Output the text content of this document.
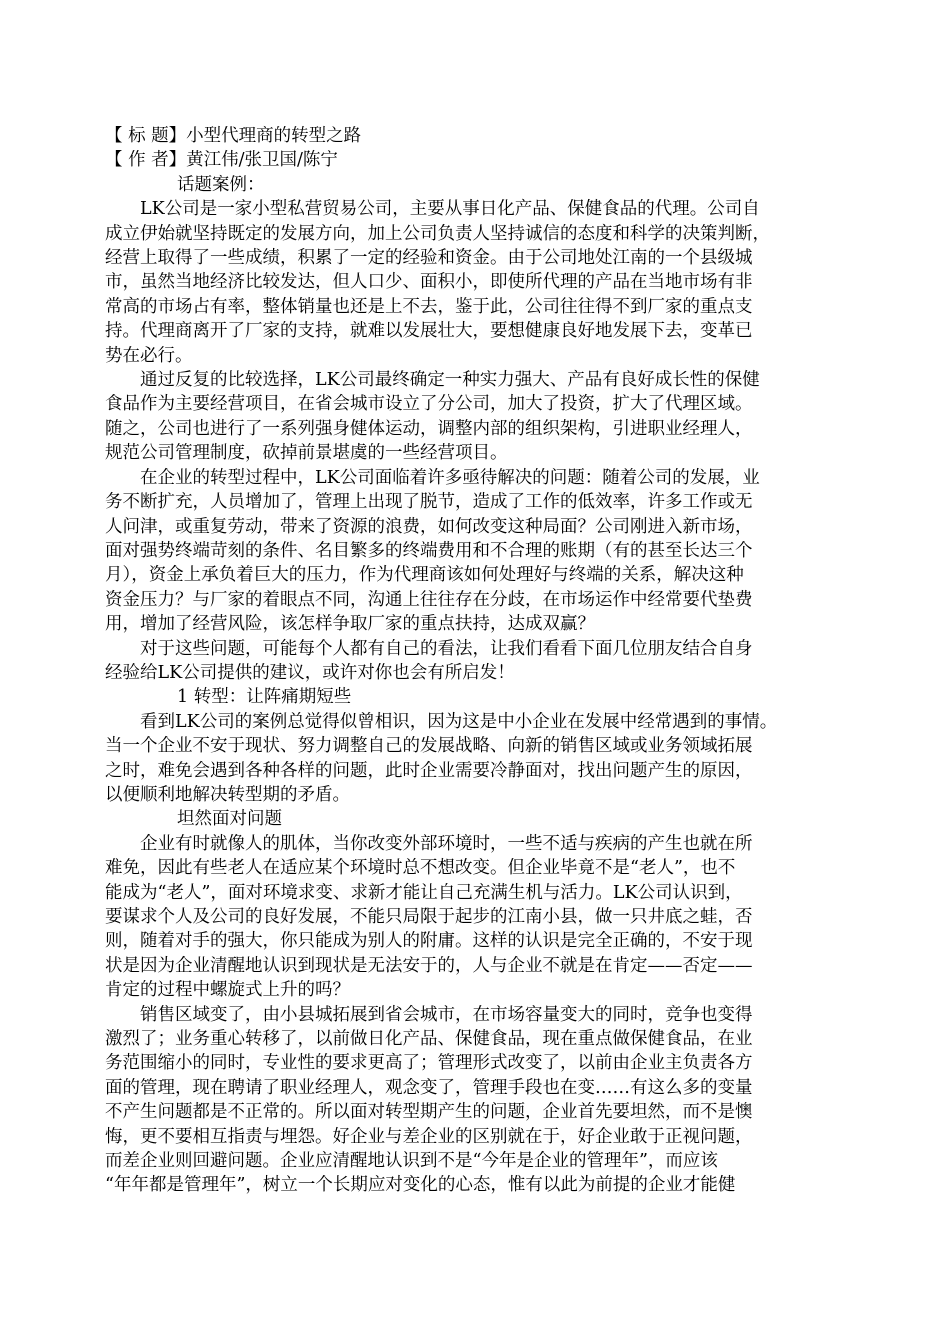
【 标 题】小型代理商的转型之路
【 作 者】黄江伟/张卫国/陈宁
话题案例：
LK公司是一家小型私营贸易公司，主要从事日化产品、保健食品的代理。公司自
成立伊始就坚持既定的发展方向，加上公司负责人坚持诚信的态度和科学的决策判断，
经营上取得了一些成绩，积累了一定的经验和资金。由于公司地处江南的一个县级城
市，虽然当地经济比较发达，但人口少、面积小，即使所代理的产品在当地市场有非
常高的市场占有率，整体销量也还是上不去，鉴于此，公司往往得不到厂家的重点支
持。代理商离开了厂家的支持，就难以发展壮大，要想健康良好地发展下去，变革已
势在必行。
通过反复的比较选择，LK公司最终确定一种实力强大、产品有良好成长性的保健
食品作为主要经营项目，在省会城市设立了分公司，加大了投资，扩大了代理区域。
随之，公司也进行了一系列强身健体运动，调整内部的组织架构，引进职业经理人，
规范公司管理制度，砍掉前景堪虞的一些经营项目。
在企业的转型过程中，LK公司面临着许多亟待解决的问题：随着公司的发展，业
务不断扩充，人员增加了，管理上出现了脱节，造成了工作的低效率，许多工作或无
人问津，或重复劳动，带来了资源的浪费，如何改变这种局面？公司刚进入新市场，
面对强势终端苛刻的条件、名目繁多的终端费用和不合理的账期（有的甚至长达三个
月），资金上承负着巨大的压力，作为代理商该如何处理好与终端的关系，解决这种
资金压力？与厂家的着眼点不同，沟通上往往存在分歧，在市场运作中经常要代垫费
用，增加了经营风险，该怎样争取厂家的重点扶持，达成双赢？
对于这些问题，可能每个人都有自己的看法，让我们看看下面几位朋友结合自身
经验给LK公司提供的建议，或许对你也会有所启发！
1 转型：让阵痛期短些
看到LK公司的案例总觉得似曾相识，因为这是中小企业在发展中经常遇到的事情。
当一个企业不安于现状、努力调整自己的发展战略、向新的销售区域或业务领域拓展
之时，难免会遇到各种各样的问题，此时企业需要冷静面对，找出问题产生的原因，
以便顺利地解决转型期的矛盾。
坦然面对问题
企业有时就像人的肌体，当你改变外部环境时，一些不适与疾病的产生也就在所
难免，因此有些老人在适应某个环境时总不想改变。但企业毕竟不是“老人”，也不
能成为“老人”，面对环境求变、求新才能让自己充满生机与活力。LK公司认识到，
要谋求个人及公司的良好发展，不能只局限于起步的江南小县，做一只井底之蛙，否
则，随着对手的强大，你只能成为别人的附庸。这样的认识是完全正确的，不安于现
状是因为企业清醒地认识到现状是无法安于的，人与企业不就是在肯定——否定——
肯定的过程中螺旋式上升的吗？
销售区域变了，由小县城拓展到省会城市，在市场容量变大的同时，竞争也变得
激烈了；业务重心转移了，以前做日化产品、保健食品，现在重点做保健食品，在业
务范围缩小的同时，专业性的要求更高了；管理形式改变了，以前由企业主负责各方
面的管理，现在聘请了职业经理人，观念变了，管理手段也在变……有这么多的变量
不产生问题都是不正常的。所以面对转型期产生的问题，企业首先要坦然，而不是懊
悔，更不要相互指责与埋怨。好企业与差企业的区别就在于，好企业敢于正视问题，
而差企业则回避问题。企业应清醒地认识到不是“今年是企业的管理年”，而应该
“年年都是管理年”，树立一个长期应对变化的心态，惟有以此为前提的企业才能健
